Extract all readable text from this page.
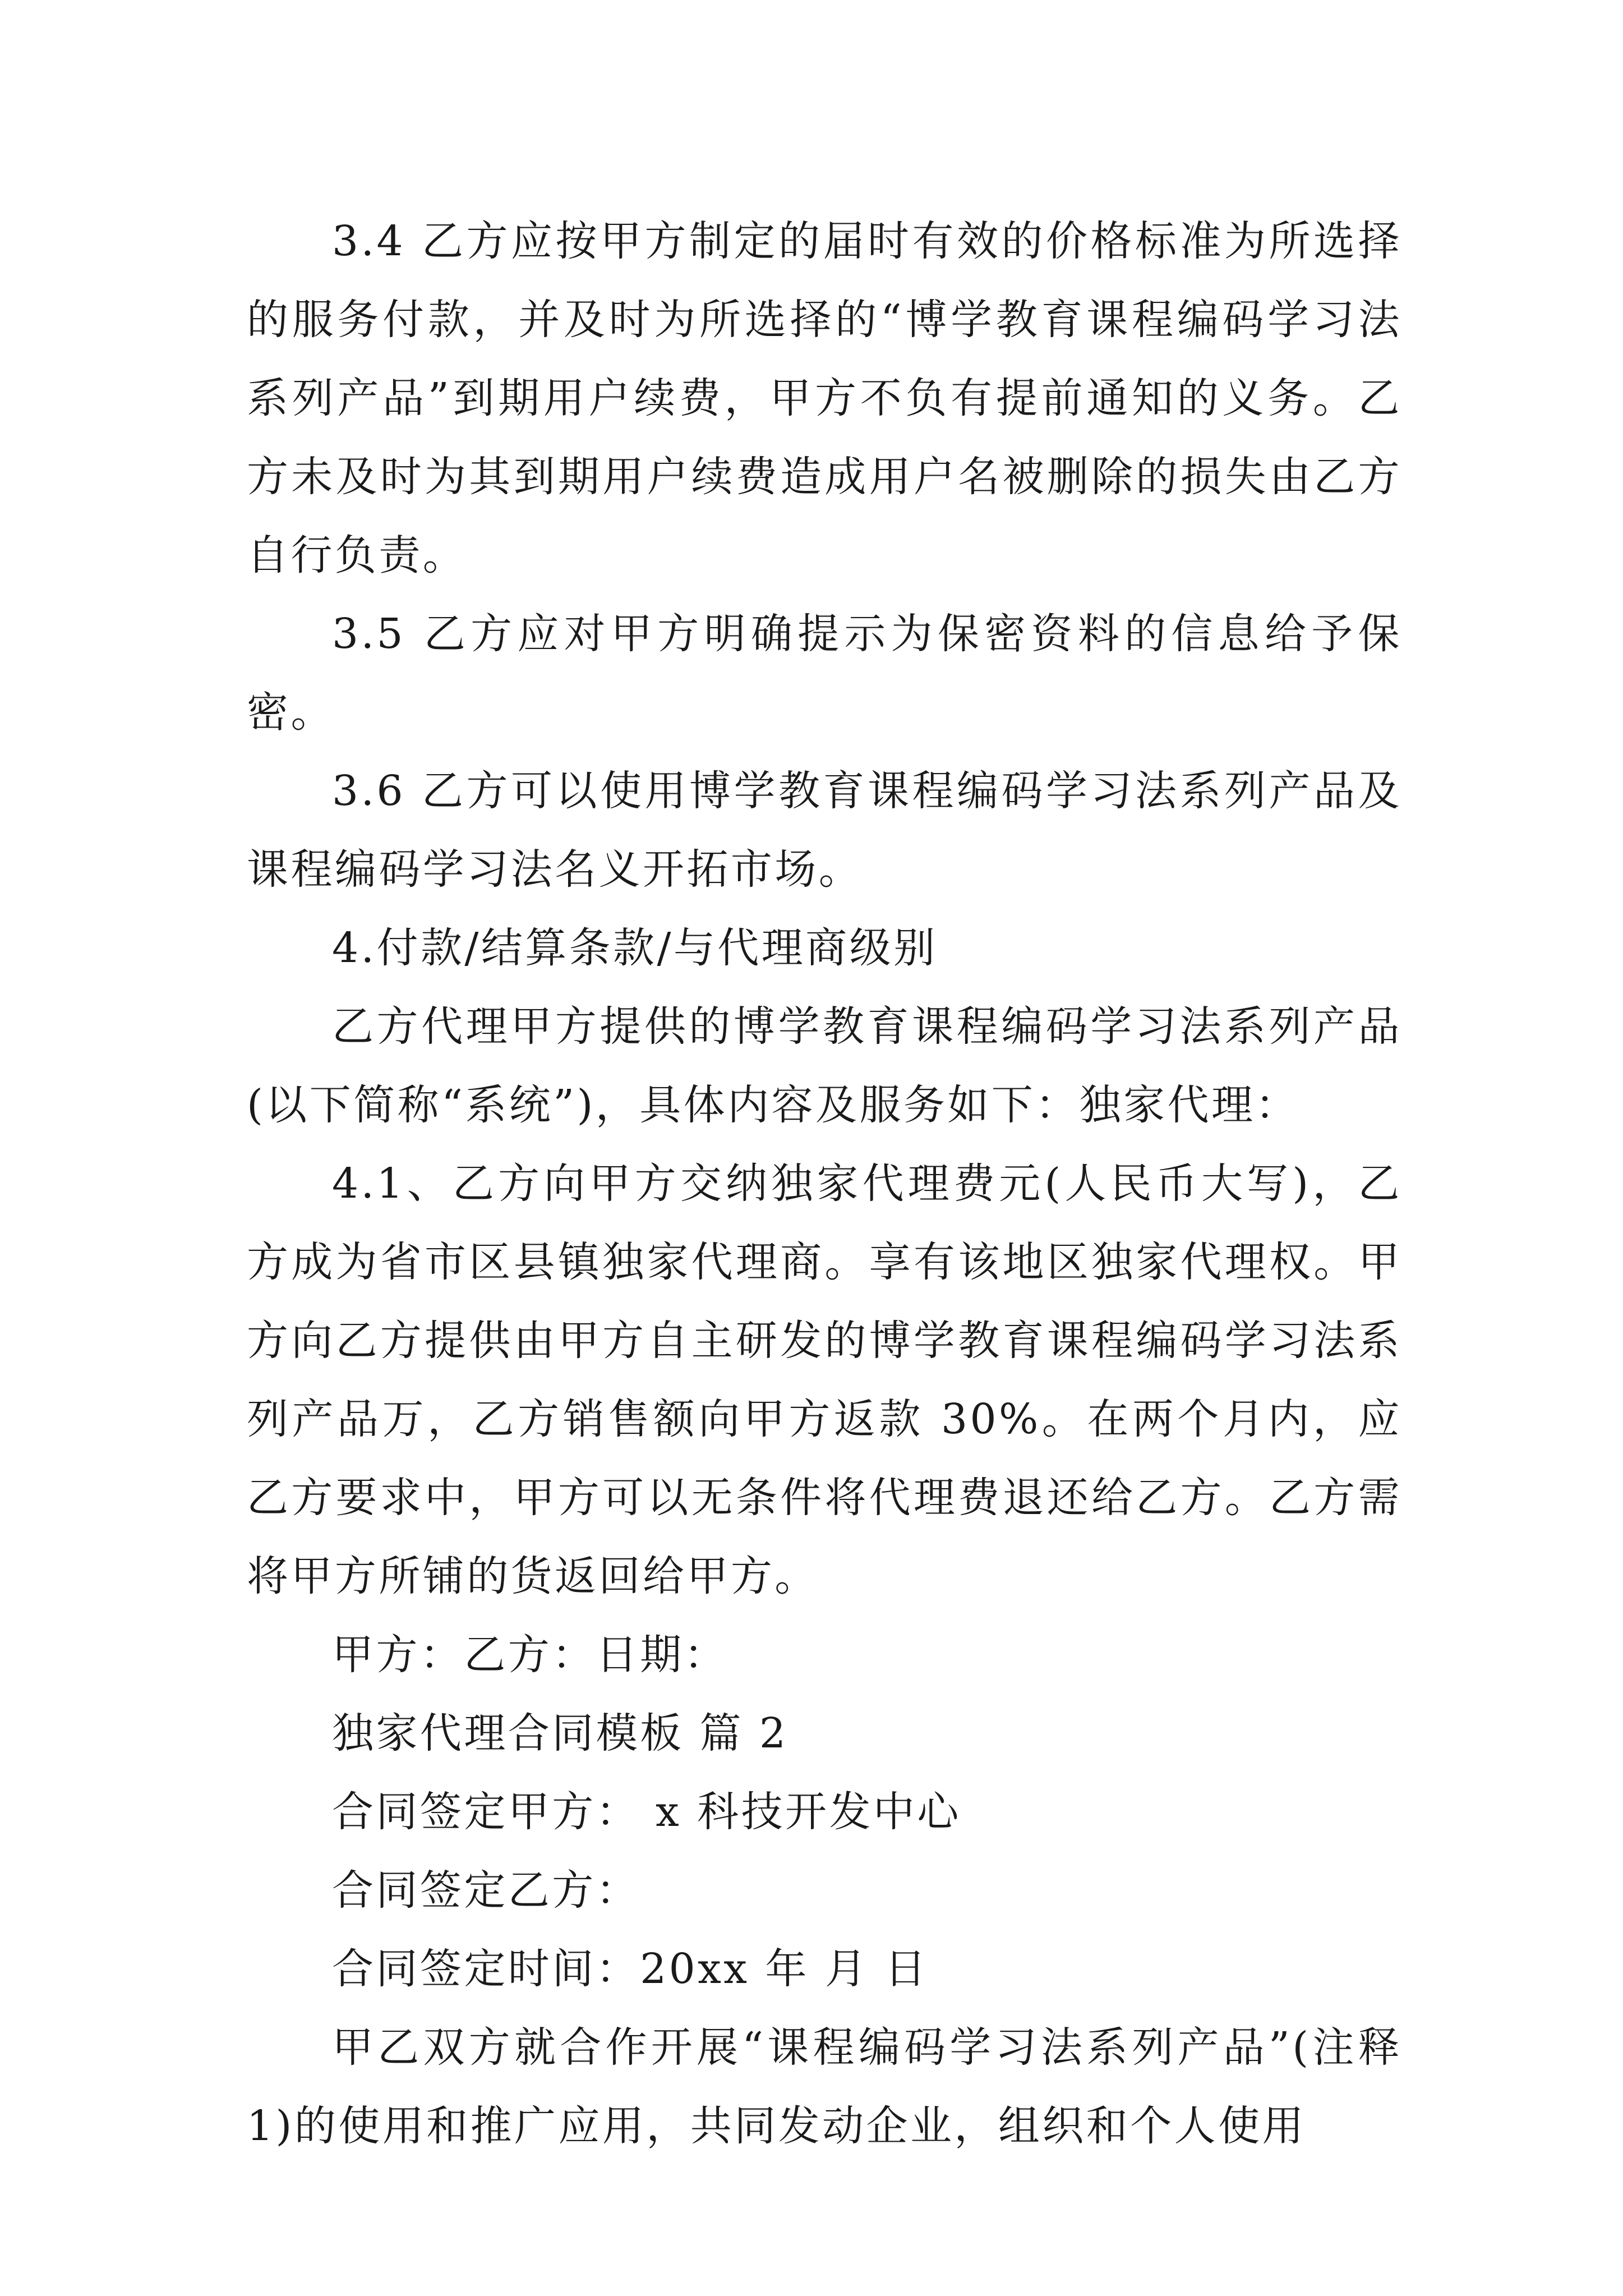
3.4 乙方应按甲方制定的届时有效的价格标准为所选择的服务付款，并及时为所选择的“博学教育课程编码学习法系列产品”到期用户续费，甲方不负有提前通知的义务。乙方未及时为其到期用户续费造成用户名被删除的损失由乙方自行负责。

3.5 乙方应对甲方明确提示为保密资料的信息给予保密。

3.6 乙方可以使用博学教育课程编码学习法系列产品及课程编码学习法名义开拓市场。

4.付款/结算条款/与代理商级别

乙方代理甲方提供的博学教育课程编码学习法系列产品(以下简称“系统”)，具体内容及服务如下：独家代理：

4.1、乙方向甲方交纳独家代理费元(人民币大写)，乙方成为省市区县镇独家代理商。享有该地区独家代理权。甲方向乙方提供由甲方自主研发的博学教育课程编码学习法系列产品万，乙方销售额向甲方返款 30%。在两个月内，应乙方要求中，甲方可以无条件将代理费退还给乙方。乙方需将甲方所铺的货返回给甲方。

甲方：乙方：日期：

独家代理合同模板 篇 2

合同签定甲方： x 科技开发中心

合同签定乙方：

合同签定时间：20xx 年 月 日

甲乙双方就合作开展“课程编码学习法系列产品”(注释 1)的使用和推广应用，共同发动企业，组织和个人使用
